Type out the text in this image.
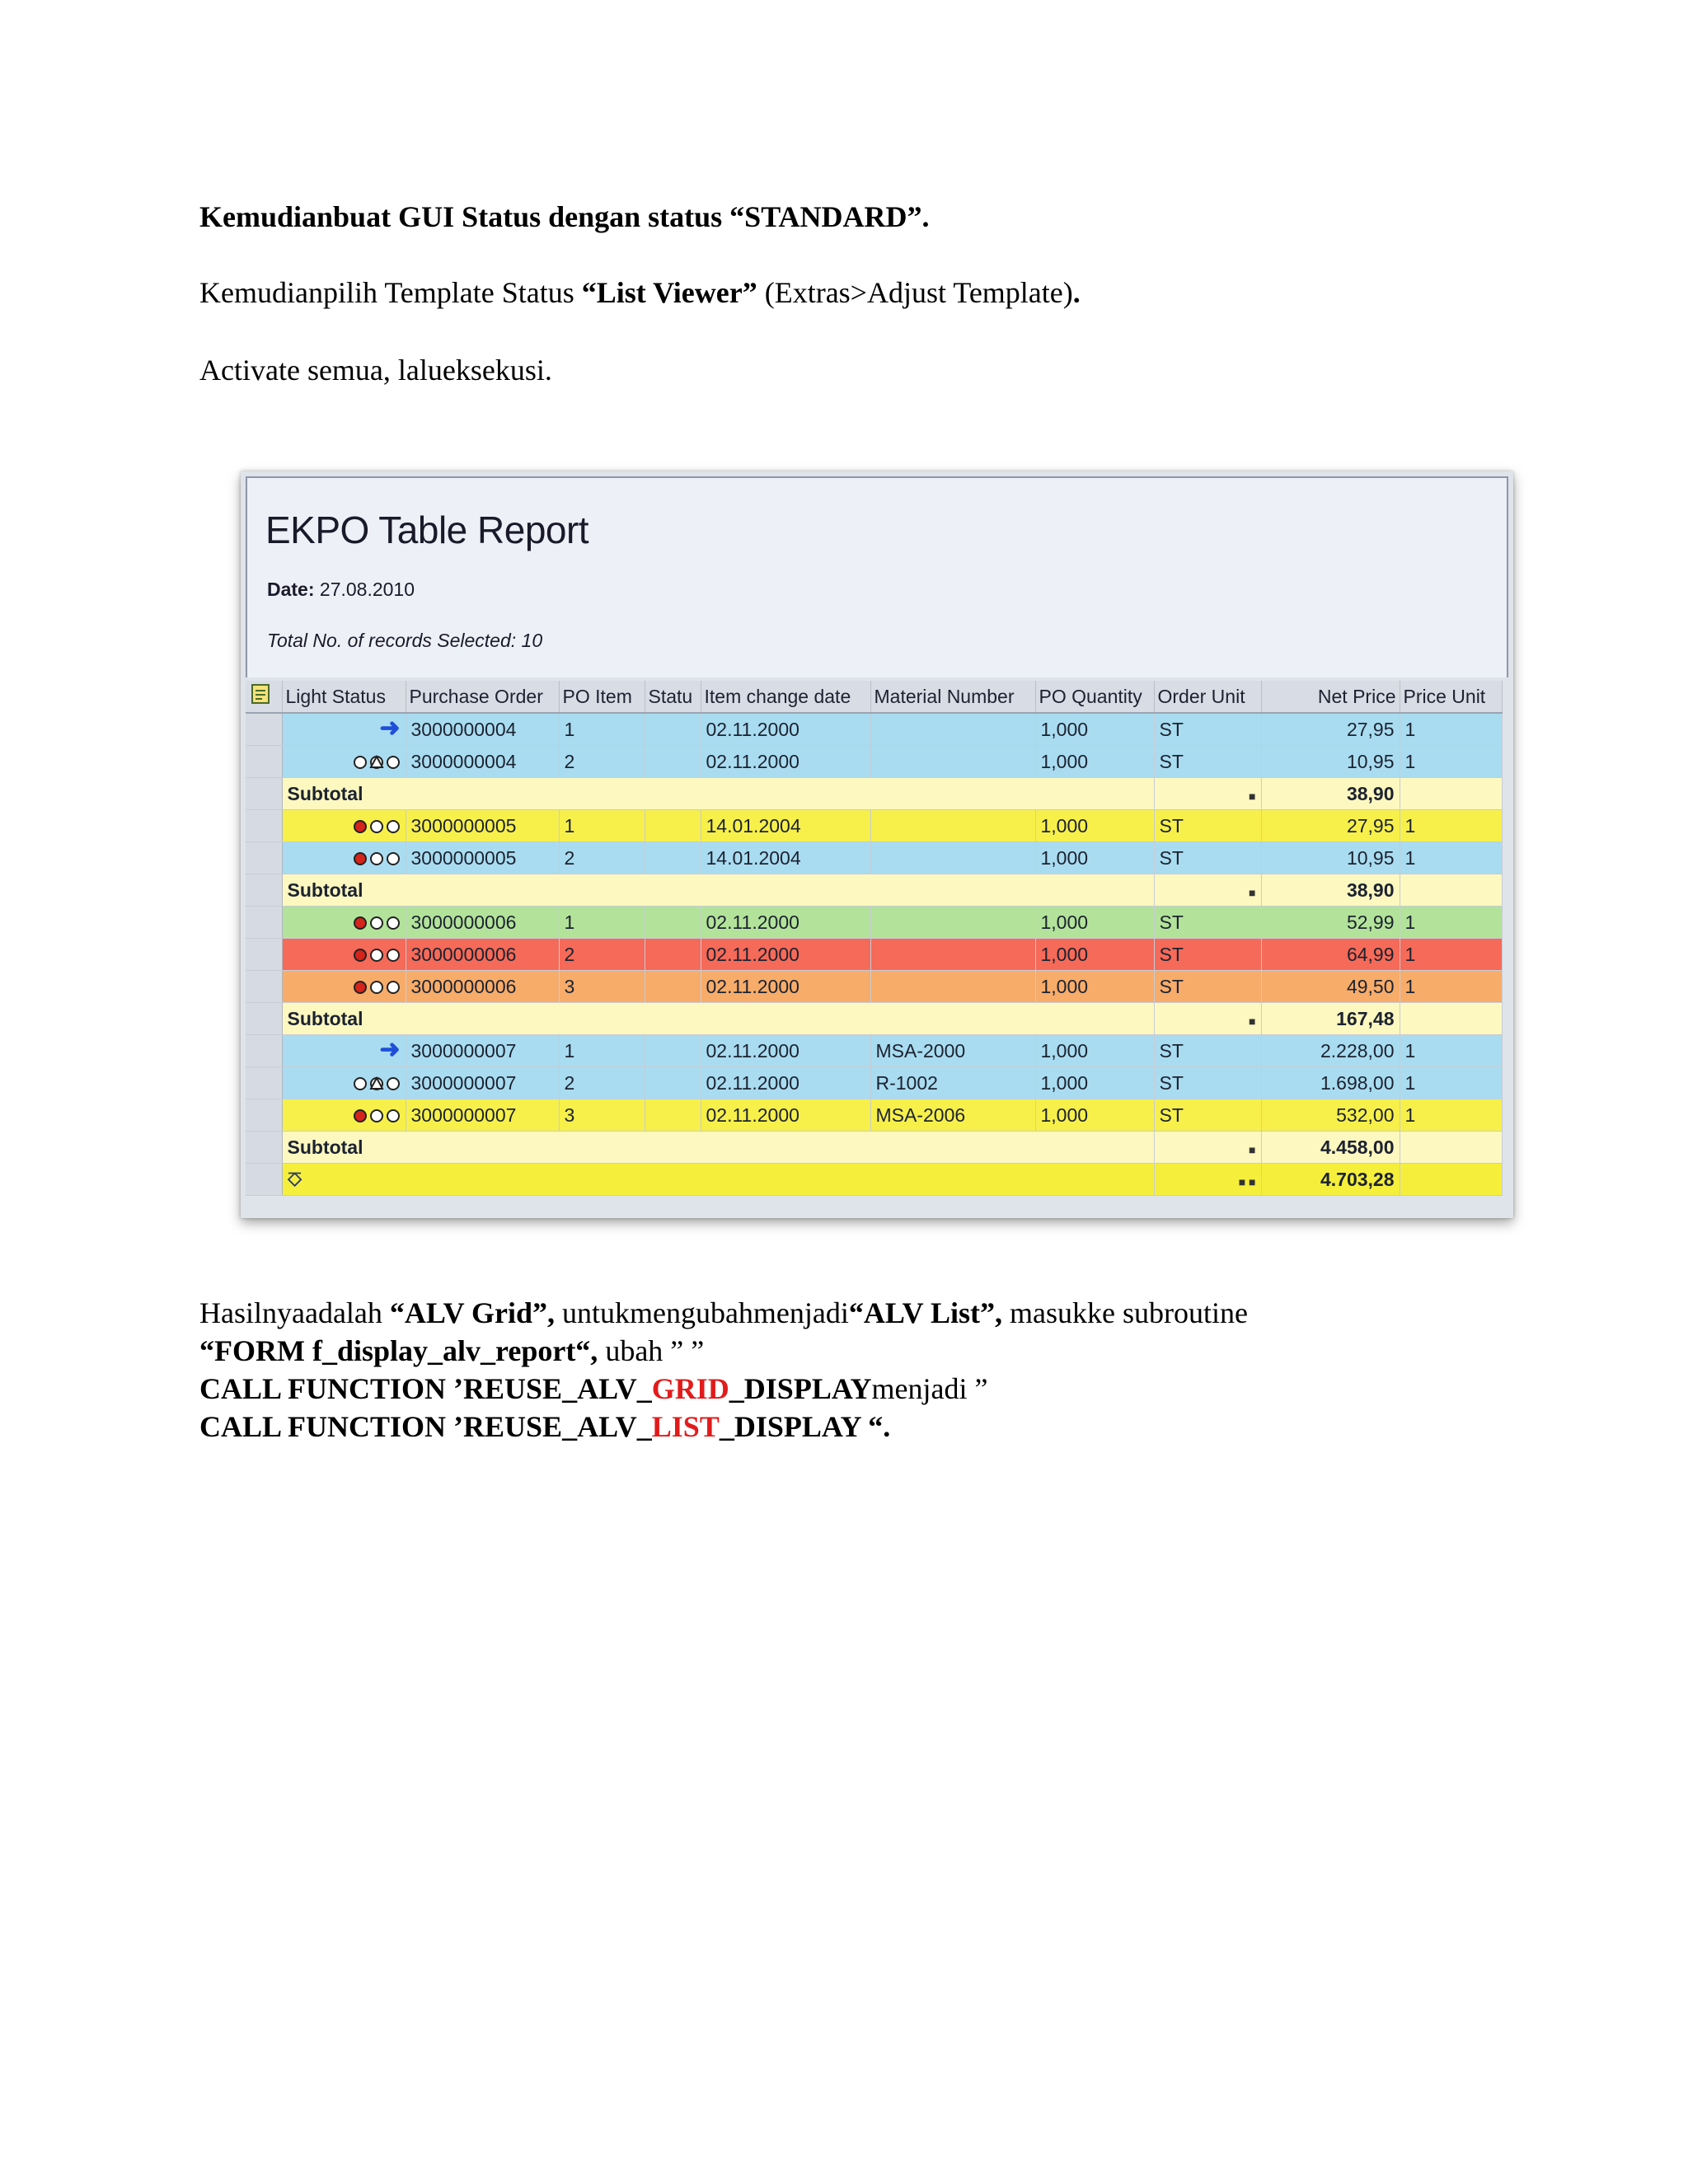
Kemudianbuat GUI Status dengan status “STANDARD”.
Kemudianpilih Template Status “List Viewer” (Extras>Adjust Template).
Activate semua, lalueksekusi.
EKPO Table Report
Date: 27.08.2010
Total No. of records Selected: 10
	Light Status	Purchase Order	PO Item	Statu	Item change date	Material Number	PO Quantity	Order Unit	Net Price	Price Unit
	➜	3000000004	1		02.11.2000		1,000	ST	27,95	1
		3000000004	2		02.11.2000		1,000	ST	10,95	1
	Subtotal							■	38,90	
		3000000005	1		14.01.2004		1,000	ST	27,95	1
		3000000005	2		14.01.2004		1,000	ST	10,95	1
	Subtotal							■	38,90	
		3000000006	1		02.11.2000		1,000	ST	52,99	1
		3000000006	2		02.11.2000		1,000	ST	64,99	1
		3000000006	3		02.11.2000		1,000	ST	49,50	1
	Subtotal							■	167,48	
	➜	3000000007	1		02.11.2000	MSA-2000	1,000	ST	2.228,00	1
		3000000007	2		02.11.2000	R-1002	1,000	ST	1.698,00	1
		3000000007	3		02.11.2000	MSA-2006	1,000	ST	532,00	1
	Subtotal							■	4.458,00	
	⎏							■ ■	4.703,28	
Hasilnyaadalah “ALV Grid”, untukmengubahmenjadi“ALV List”, masukke subroutine
“FORM f_display_alv_report“, ubah ” ”
CALL FUNCTION ’REUSE_ALV_GRID_DISPLAYmenjadi ”
CALL FUNCTION ’REUSE_ALV_LIST_DISPLAY “.
